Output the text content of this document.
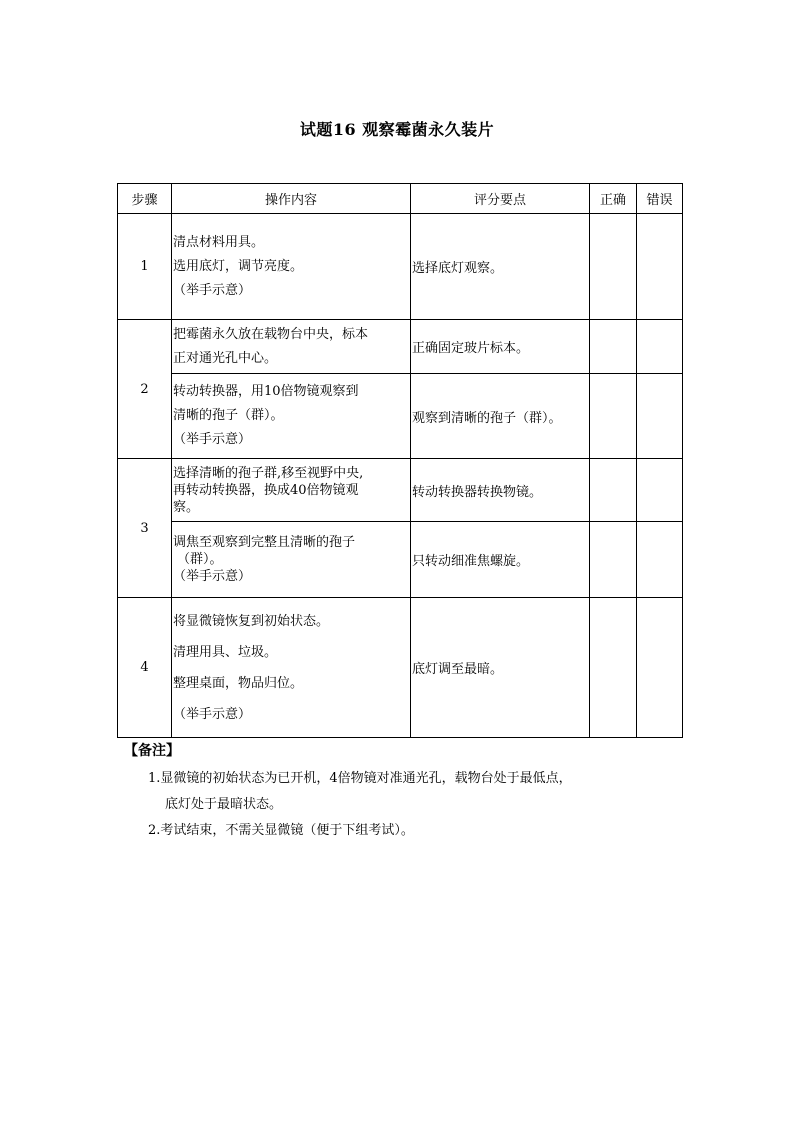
试题16 观察霉菌永久装片
步骤	操作内容	评分要点	正确	错误
1	清点材料用具。
选用底灯，调节亮度。
（举手示意）	选择底灯观察。		
2	把霉菌永久放在载物台中央，标本
正对通光孔中心。	正确固定玻片标本。		

	转动转换器，用10倍物镜观察到
清晰的孢子（群）。
（举手示意）	观察到清晰的孢子（群）。		
3	选择清晰的孢子群,移至视野中央,
再转动转换器，换成40倍物镜观
察。	转动转换器转换物镜。		

	调焦至观察到完整且清晰的孢子
（群）。
（举手示意）	只转动细准焦螺旋。		
4	将显微镜恢复到初始状态。
清理用具、垃圾。
整理桌面，物品归位。
（举手示意）	底灯调至最暗。		
【备注】
1.显微镜的初始状态为已开机，4倍物镜对准通光孔，载物台处于最低点，
底灯处于最暗状态。
2.考试结束，不需关显微镜（便于下组考试）。
